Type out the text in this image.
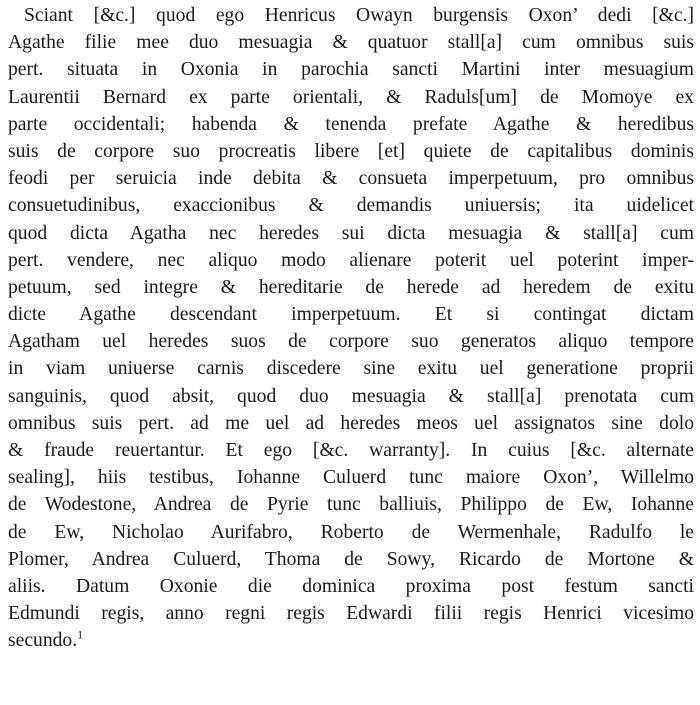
Sciant [&c.] quod ego Henricus Owayn burgensis Oxon’ dedi [&c.]
Agathe filie mee duo mesuagia & quatuor stall[a] cum omnibus suis
pert. situata in Oxonia in parochia sancti Martini inter mesuagium
Laurentii Bernard ex parte orientali, & Raduls[um] de Momoye ex
parte occidentali; habenda & tenenda prefate Agathe & heredibus
suis de corpore suo procreatis libere [et] quiete de capitalibus dominis
feodi per seruicia inde debita & consueta imperpetuum, pro omnibus
consuetudinibus, exaccionibus & demandis uniuersis; ita uidelicet
quod dicta Agatha nec heredes sui dicta mesuagia & stall[a] cum
pert. vendere, nec aliquo modo alienare poterit uel poterint imper-
petuum, sed integre & hereditarie de herede ad heredem de exitu
dicte Agathe descendant imperpetuum. Et si contingat dictam
Agatham uel heredes suos de corpore suo generatos aliquo tempore
in viam uniuerse carnis discedere sine exitu uel generatione proprii
sanguinis, quod absit, quod duo mesuagia & stall[a] prenotata cum
omnibus suis pert. ad me uel ad heredes meos uel assignatos sine dolo
& fraude reuertantur. Et ego [&c. warranty]. In cuius [&c. alternate
sealing], hiis testibus, Iohanne Culuerd tunc maiore Oxon’, Willelmo
de Wodestone, Andrea de Pyrie tunc balliuis, Philippo de Ew, Iohanne
de Ew, Nicholao Aurifabro, Roberto de Wermenhale, Radulfo le
Plomer, Andrea Culuerd, Thoma de Sowy, Ricardo de Mortone &
aliis. Datum Oxonie die dominica proxima post festum sancti
Edmundi regis, anno regni regis Edwardi filii regis Henrici vicesimo
secundo.$^1$
